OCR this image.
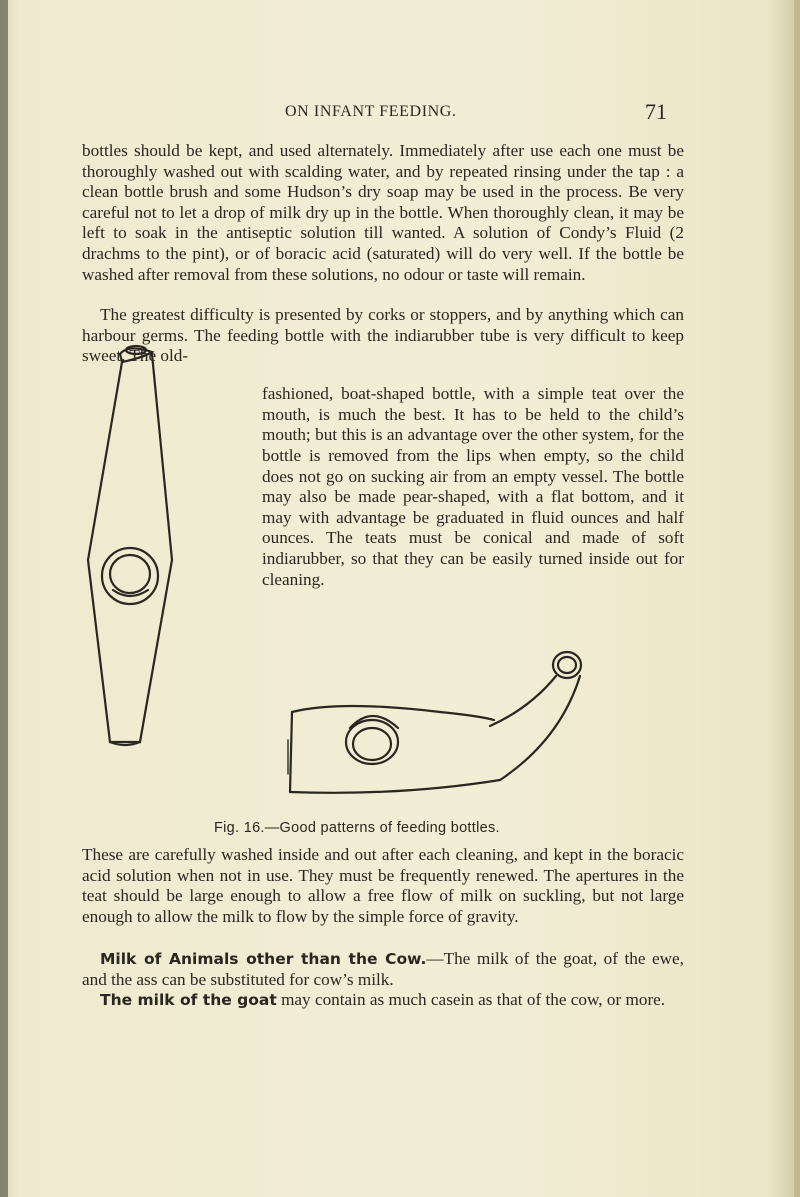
ON INFANT FEEDING.	71

bottles should be kept, and used alternately. Immediately after use each one must be thoroughly washed out with scalding water, and by repeated rinsing under the tap : a clean bottle brush and some Hudson’s dry soap may be used in the process. Be very careful not to let a drop of milk dry up in the bottle. When thoroughly clean, it may be left to soak in the antiseptic solution till wanted. A solution of Condy’s Fluid (2 drachms to the pint), or of boracic acid (saturated) will do very well. If the bottle be washed after removal from these solutions, no odour or taste will remain.

The greatest difficulty is presented by corks or stoppers, and by anything which can harbour germs. The feeding bottle with the indiarubber tube is very difficult to keep sweet. The old-

fashioned, boat-shaped bottle, with a simple teat over the mouth, is much the best. It has to be held to the child’s mouth; but this is an advantage over the other system, for the bottle is removed from the lips when empty, so the child does not go on sucking air from an empty vessel. The bottle may also be made pear-shaped, with a flat bottom, and it may with advantage be graduated in fluid ounces and half ounces. The teats must be conical and made of soft indiarubber, so that they can be easily turned inside out for cleaning.

Fig. 16.—Good patterns of feeding bottles.

These are carefully washed inside and out after each cleaning, and kept in the boracic acid solution when not in use. They must be frequently renewed. The apertures in the teat should be large enough to allow a free flow of milk on suckling, but not large enough to allow the milk to flow by the simple force of gravity.

Milk of Animals other than the Cow.—The milk of the goat, of the ewe, and the ass can be substituted for cow’s milk.

The milk of the goat may contain as much casein as that of the cow, or more.
